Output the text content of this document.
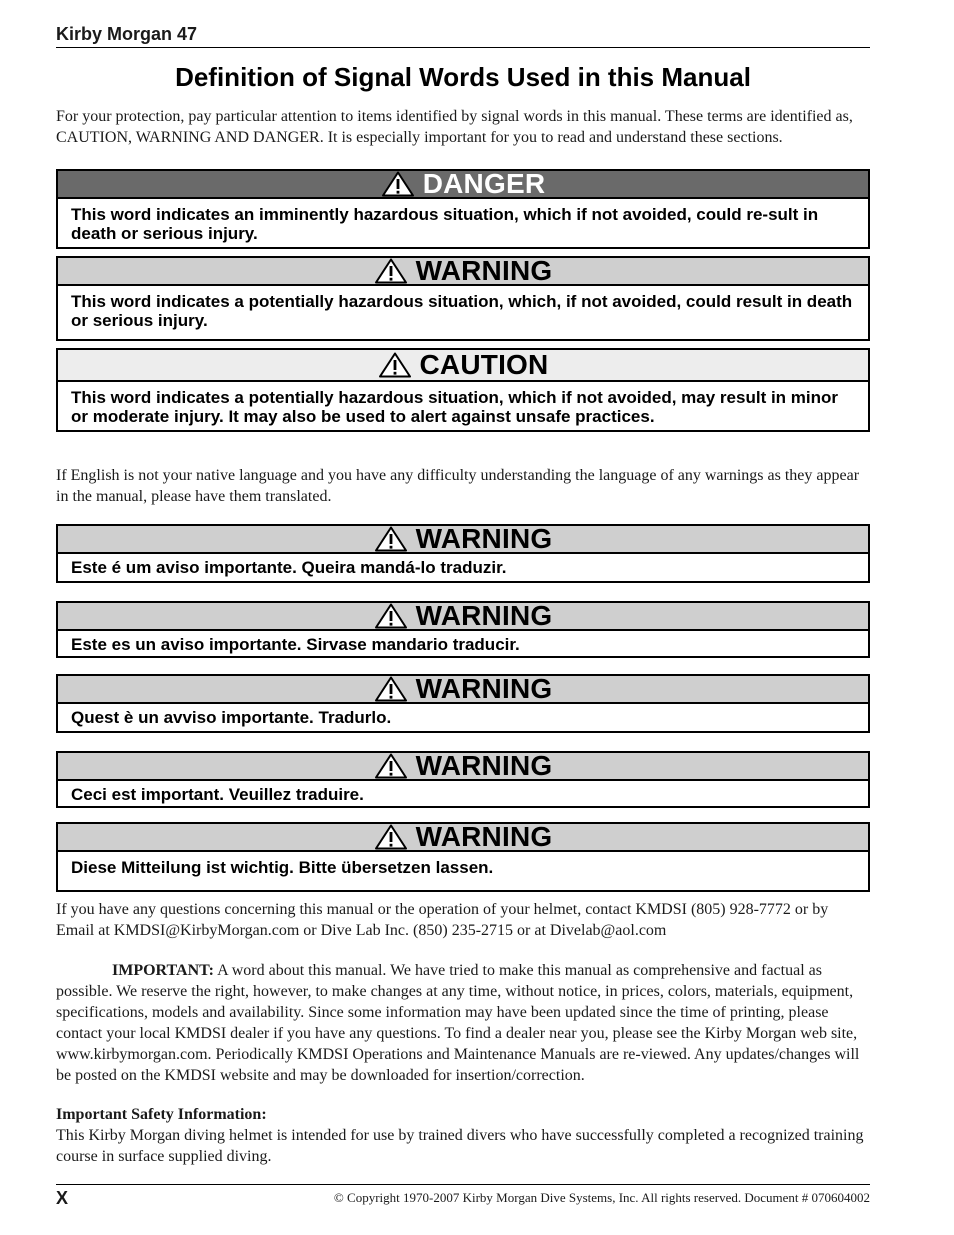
Kirby Morgan 47
Definition of Signal Words Used in this Manual

For your protection, pay particular attention to items identified by signal words in this manual. These terms are identified as, CAUTION, WARNING AND DANGER. It is especially important for you to read and understand these sections.

DANGER
This word indicates an imminently hazardous situation, which if not avoided, could re-sult in death or serious injury.
WARNING
This word indicates a potentially hazardous situation, which, if not avoided, could result in death or serious injury.
CAUTION
This word indicates a potentially hazardous situation, which if not avoided, may result in minor or moderate injury. It may also be used to alert against unsafe practices.

If English is not your native language and you have any difficulty understanding the language of any warnings as they appear in the manual, please have them translated.

WARNING
Este é um aviso importante. Queira mandá-lo traduzir.
WARNING
Este es un aviso importante. Sirvase mandario traducir.
WARNING
Quest è un avviso importante. Tradurlo.
WARNING
Ceci est important. Veuillez traduire.
WARNING
Diese Mitteilung ist wichtig. Bitte übersetzen lassen.

If you have any questions concerning this manual or the operation of your helmet, contact KMDSI (805) 928-7772 or by Email at KMDSI@KirbyMorgan.com or Dive Lab Inc. (850) 235-2715 or at Divelab@aol.com

IMPORTANT: A word about this manual. We have tried to make this manual as comprehensive and factual as possible. We reserve the right, however, to make changes at any time, without notice, in prices, colors, materials, equipment, specifications, models and availability. Since some information may have been updated since the time of printing, please contact your local KMDSI dealer if you have any questions. To find a dealer near you, please see the Kirby Morgan web site, www.kirbymorgan.com. Periodically KMDSI Operations and Maintenance Manuals are re-viewed. Any updates/changes will be posted on the KMDSI website and may be downloaded for insertion/correction.

Important Safety Information:

This Kirby Morgan diving helmet is intended for use by trained divers who have successfully completed a recognized training course in surface supplied diving.

X	© Copyright 1970-2007 Kirby Morgan Dive Systems, Inc. All rights reserved. Document # 070604002
